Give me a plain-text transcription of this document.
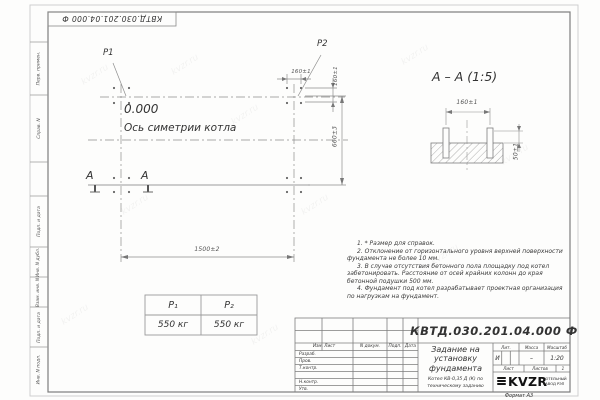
КВТД.030.201.04.000 Ф
Перв. примен.
Справ. N
Подп. и дата
Инв. N дубл.
Взам. инв. N
Подп. и дата
Инв. N подл.
P1
P2
0.000
Ось симетрии котла
А	А
1500±2
660±3
160±1	160±1	А – А (1:5)
160±1
50±1
P₁	P₂
550 кг	550 кг

1. * Размер для справок.

2. Отклонение от горизонтального уровня верхней поверхности фундамента не более 10 мм.

3. В случае отсутствия бетонного пола площадку под котел забетонировать. Расстояние от осей крайних колонн до края бетонной подушки 500 мм.

4. Фундамент под котел разрабатывает проектная организация по нагрузкам на фундамент.

КВТД.030.201.04.000 Ф
Изм. Лист	N докум.	Подп. Дата
Разраб.
Пров.
Т.контр.
Н.контр.
Утв.
Задание на установку фундамента
Котел КВ-0,35 Д (К) по техническому заданию
Лит.	Масса	Масштаб
И	–	1:20
Лист	Листов	1
KVZR
КОТЕЛЬНЫЙ
ЗАВОД РЭП
Формат А3
